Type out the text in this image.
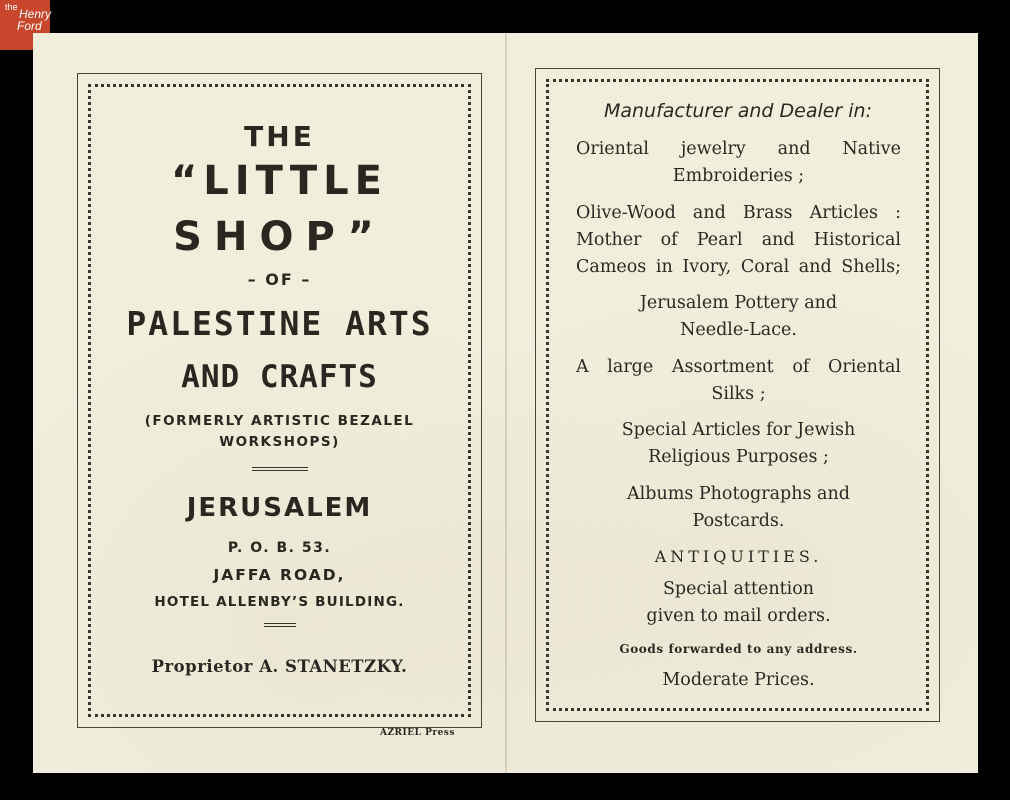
the Henry
Ford
THE
“LITTLE
SHOP”
– OF –
PALESTINE ARTS
AND CRAFTS
(FORMERLY ARTISTIC BEZALEL WORKSHOPS)
JERUSALEM
P. O. B. 53.
JAFFA ROAD,
HOTEL ALLENBY’S BUILDING.
Proprietor A. STANETZKY.
AZRIEL Press
Manufacturer and Dealer in:
Oriental jewelry and Native
Embroideries ;
Olive-Wood and Brass Articles :
Mother of Pearl and Historical
Cameos in Ivory, Coral and Shells;
Jerusalem Pottery and
Needle-Lace.
A large Assortment of Oriental
Silks ;
Special Articles for Jewish
Religious Purposes ;
Albums Photographs and
Postcards.
ANTIQUITIES.
Special attention
given to mail orders.
Goods forwarded to any address.
Moderate Prices.
